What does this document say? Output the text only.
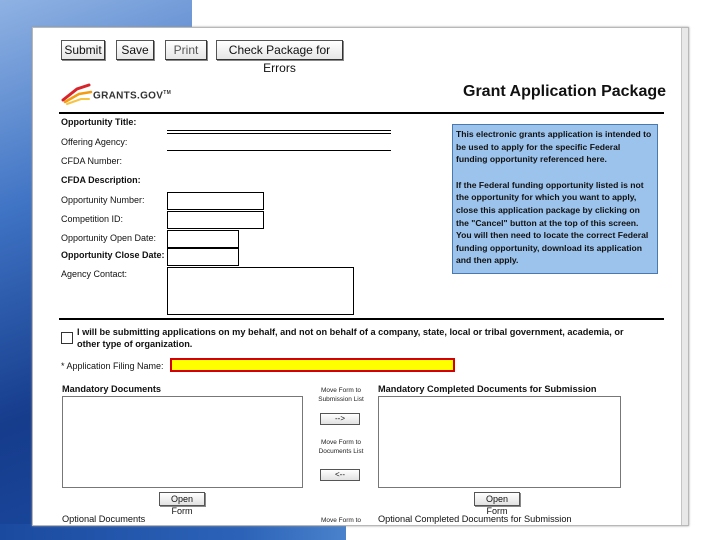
Submit	Save	Print	Check Package for Errors
GRANTS.GOV™	Grant Application Package
Opportunity Title:
Offering Agency:
CFDA Number:
CFDA Description:
Opportunity Number:
Competition ID:
Opportunity Open Date:
Opportunity Close Date:
Agency Contact:

This electronic grants application is intended to be used to apply for the specific Federal funding opportunity referenced here.

If the Federal funding opportunity listed is not the opportunity for which you want to apply, close this application package by clicking on the "Cancel" button at the top of this screen. You will then need to locate the correct Federal funding opportunity, download its application and then apply.

I will be submitting applications on my behalf, and not on behalf of a company, state, local or tribal government, academia, or other type of organization.
* Application Filing Name:
Mandatory Documents	Mandatory Completed Documents for Submission
Move Form to Submission List
-->
Move Form to Documents List
<--
Open Form
Open Form
Optional Documents	Move Form to	Optional Completed Documents for Submission
